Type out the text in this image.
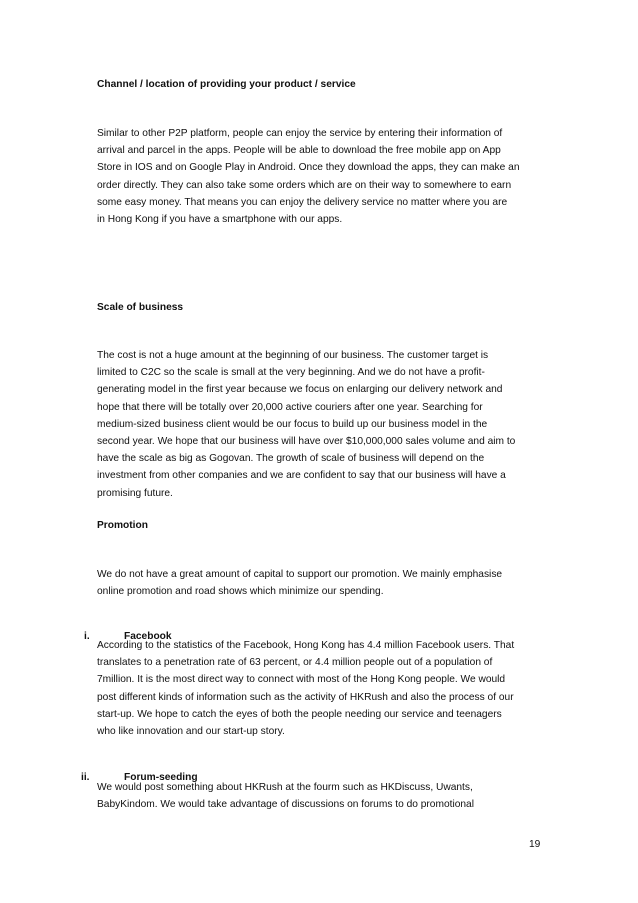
Channel / location of providing your product / service
Similar to other P2P platform, people can enjoy the service by entering their information of
arrival and parcel in the apps. People will be able to download the free mobile app on App
Store in IOS and on Google Play in Android. Once they download the apps, they can make an
order directly. They can also take some orders which are on their way to somewhere to earn
some easy money. That means you can enjoy the delivery service no matter where you are
in Hong Kong if you have a smartphone with our apps.
Scale of business
The cost is not a huge amount at the beginning of our business. The customer target is
limited to C2C so the scale is small at the very beginning. And we do not have a profit-
generating model in the first year because we focus on enlarging our delivery network and
hope that there will be totally over 20,000 active couriers after one year. Searching for
medium-sized business client would be our focus to build up our business model in the
second year. We hope that our business will have over $10,000,000 sales volume and aim to
have the scale as big as Gogovan. The growth of scale of business will depend on the
investment from other companies and we are confident to say that our business will have a
promising future.
Promotion
We do not have a great amount of capital to support our promotion. We mainly emphasise
online promotion and road shows which minimize our spending.
i.	Facebook
According to the statistics of the Facebook, Hong Kong has 4.4 million Facebook users. That
translates to a penetration rate of 63 percent, or 4.4 million people out of a population of
7million. It is the most direct way to connect with most of the Hong Kong people. We would
post different kinds of information such as the activity of HKRush and also the process of our
start-up. We hope to catch the eyes of both the people needing our service and teenagers
who like innovation and our start-up story.
ii.	Forum-seeding
We would post something about HKRush at the fourm such as HKDiscuss, Uwants,
BabyKindom. We would take advantage of discussions on forums to do promotional
19
